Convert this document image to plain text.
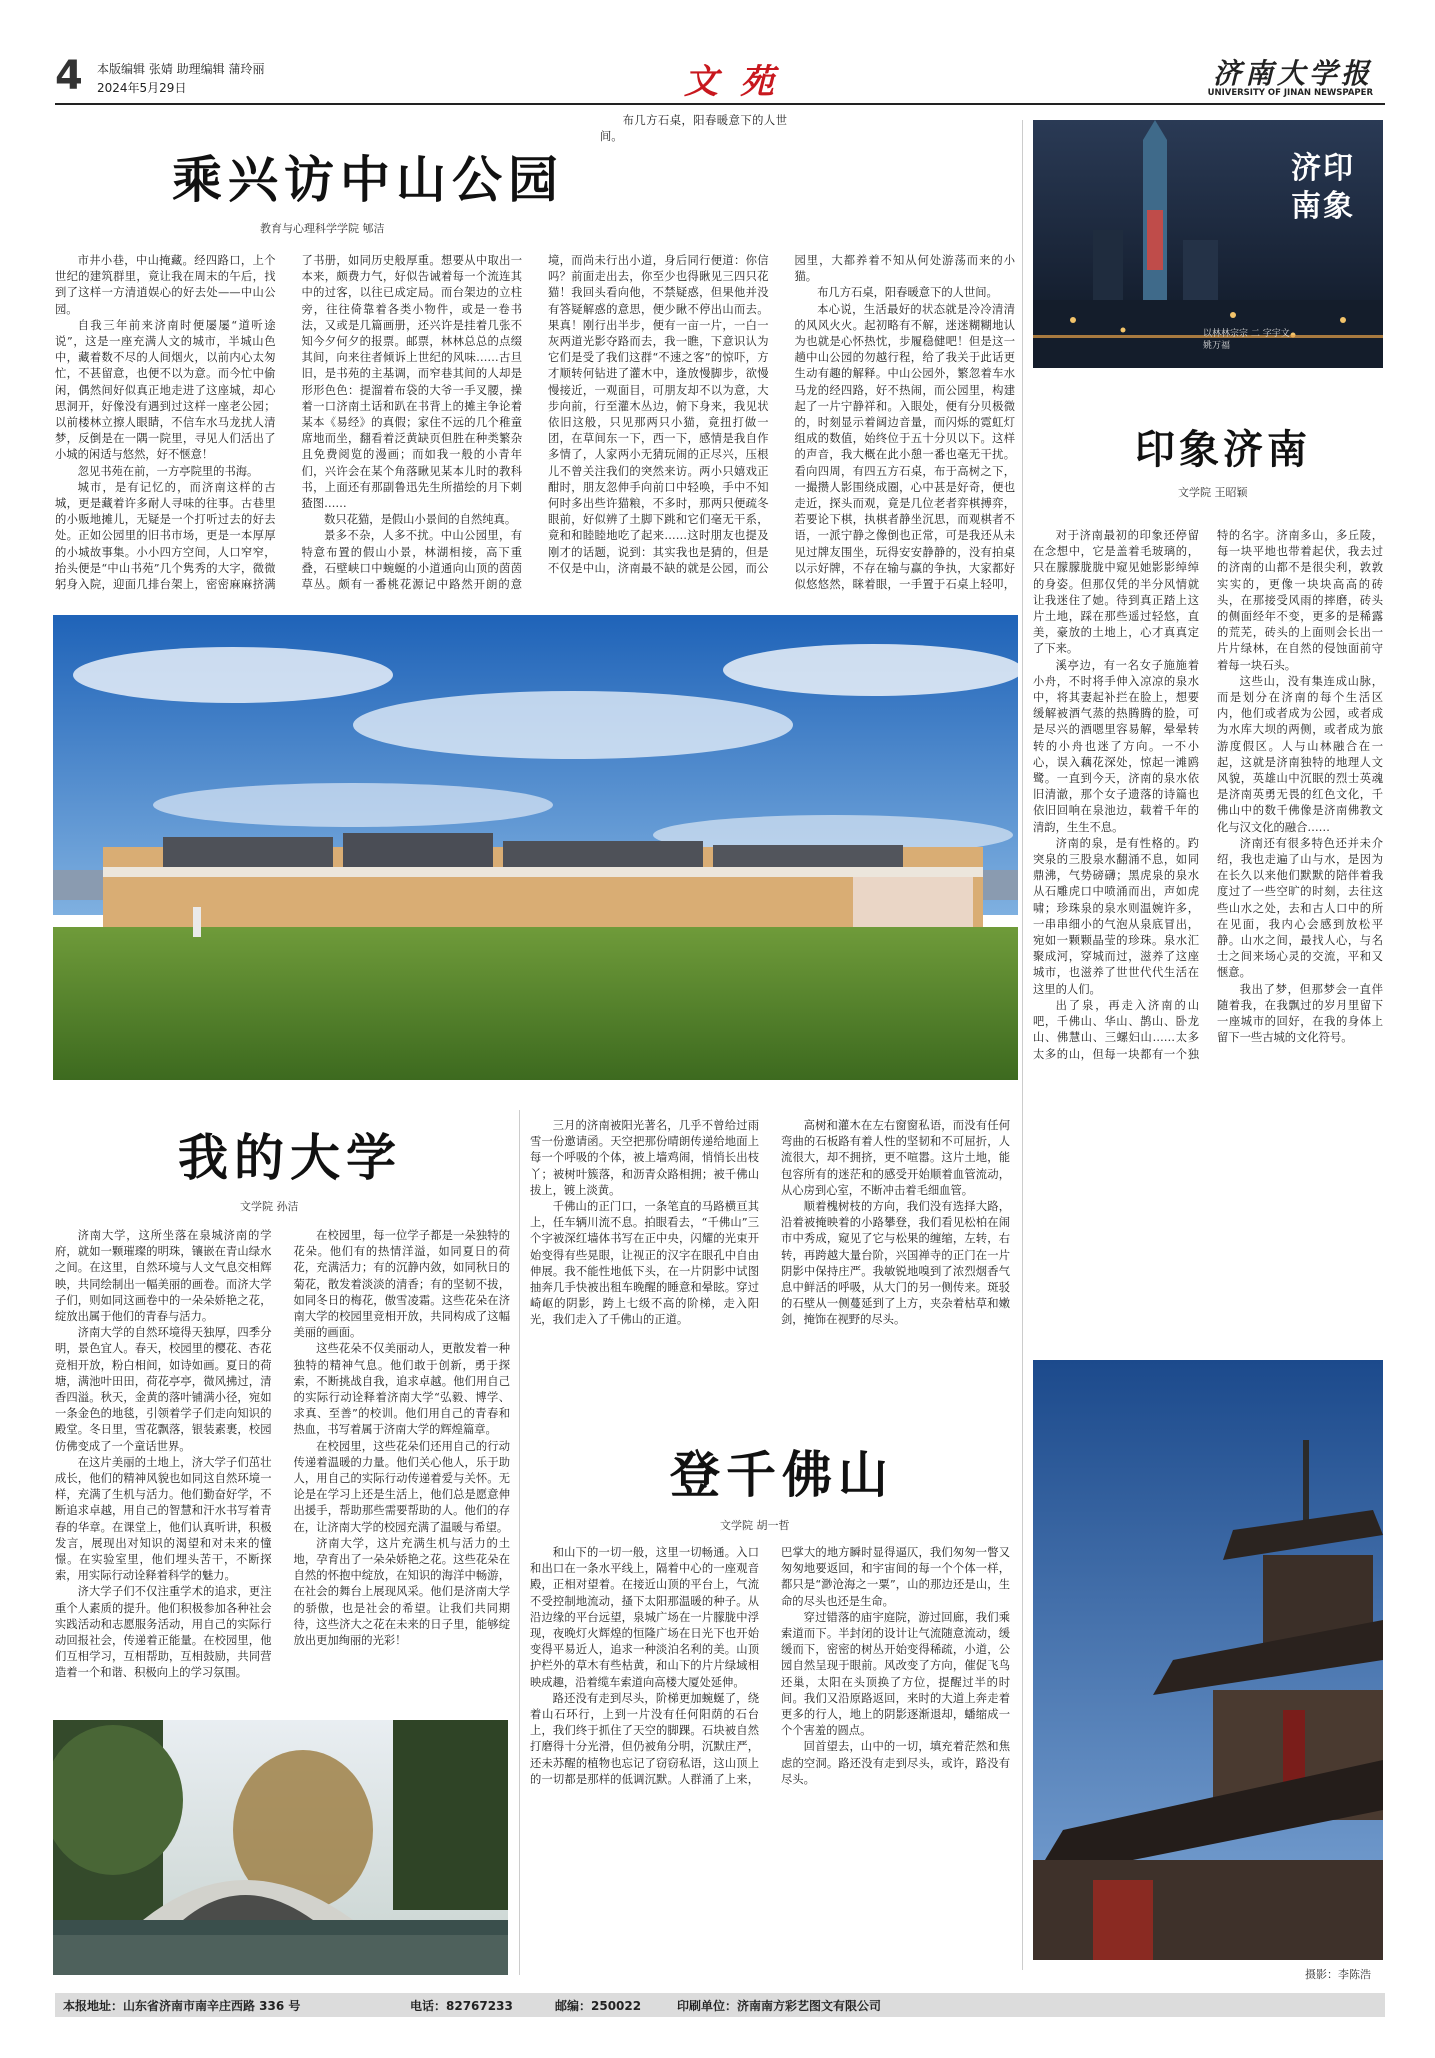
4 本版编辑 张婧 助理编辑 蒲玲丽
2024年5月29日	文苑	济南大学报
UNIVERSITY OF JINAN NEWSPAPER
乘兴访中山公园
教育与心理科学学院 郇洁

市井小巷，中山掩藏。经四路口，上个世纪的建筑群里，竟让我在周末的午后，找到了这样一方清逍娱心的好去处——中山公园。

自我三年前来济南时便屡屡“道听途说”，这是一座充满人文的城市，半城山色中，藏着数不尽的人间烟火，以前内心太匆忙，不甚留意，也便不以为意。而今忙中偷闲，偶然间好似真正地走进了这座城，却心思洞开，好像没有遇到过这样一座老公园；以前楼林立擦人眼睛，不信车水马龙扰人清梦，反倒是在一隅一院里，寻见人们活出了小城的闲适与悠然，好不惬意！

忽见书苑在前，一方亭院里的书海。

城市，是有记忆的，而济南这样的古城，更是藏着许多耐人寻味的往事。古巷里的小贩地摊儿，无疑是一个打听过去的好去处。正如公园里的旧书市场，更是一本厚厚的小城故事集。小小四方空间，人口窄窄，抬头便是“中山书苑”几个隽秀的大字，微微躬身入院，迎面几排台架上，密密麻麻挤满了书册，如同历史般厚重。想要从中取出一本来，颇费力气，好似告诫着每一个流连其中的过客，以往已成定局。而台架边的立柱旁，往往倚靠着各类小物件，或是一卷书法，又或是几篇画册，还兴许是挂着几张不知今夕何夕的报票。邮票，林林总总的点缀其间，向来往者倾诉上世纪的风味……古旦旧，是书苑的主基调，而窄巷其间的人却是形形色色：提溜着布袋的大爷一手叉腰，操着一口济南土话和趴在书背上的摊主争论着某本《易经》的真假；家住不远的几个稚童席地而坐，翻看着泛黄缺页但胜在种类繁杂且免费阅览的漫画；而如我一般的小青年们，兴许会在某个角落瞅见某本儿时的教科书，上面还有那副鲁迅先生所描绘的月下刺猹图……

数只花猫，是假山小景间的自然纯真。

景多不杂，人多不扰。中山公园里，有特意布置的假山小景，林湖相接，高下重叠，石壁峡口中蜿蜒的小道通向山顶的茵茵草丛。颇有一番桃花源记中路然开朗的意境，而尚未行出小道，身后同行便道：你信吗？前面走出去，你至少也得瞅见三四只花猫！我回头看向他，不禁疑惑，但果他并没有答疑解惑的意思，便少瞅不停出山而去。果真！刚行出半步，便有一亩一片，一白一灰两道光影夺路而去，我一瞧，下意识认为它们是受了我们这群“不速之客”的惊吓，方才顺转何钻进了灌木中，逢放慢脚步，欲慢慢接近，一观面目，可朋友却不以为意，大步向前，行至灌木丛边，俯下身来，我见状依旧这般，只见那两只小猫，竟扭打做一团，在草间东一下，西一下，感情是我自作多情了，人家两小无猜玩闹的正尽兴，压根儿不曾关注我们的突然来访。两小只嬉戏正酣时，朋友忽伸手向前口中轻唤，手中不知何时多出些许猫粮，不多时，那两只便疏冬眼前，好似辨了土脚下跳和它们毫无干系，竟和和睦睦地吃了起来……这时朋友也提及刚才的话题，说到：其实我也是猜的，但是不仅是中山，济南最不缺的就是公园，而公园里，大都养着不知从何处游荡而来的小猫。

布几方石桌，阳春暖意下的人世间。

本心说，生活最好的状态就是冷冷清清的风风火火。起初略有不解，迷迷糊糊地认为也就是心怀热忱，步履稳健吧！但是这一趟中山公园的勿越行程，给了我关于此话更生动有趣的解释。中山公园外，繁忽着车水马龙的经四路，好不热闹，而公园里，构建起了一片宁静祥和。入眼处，便有分贝极微的，时刻显示着阔边音量，而闪烁的霓虹灯组成的数值，始终位于五十分贝以下。这样的声音，我大概在此小憩一番也毫无干扰。看向四周，有四五方石桌，布于高树之下，一撮攒人影围绕成圈，心中甚是好奇，便也走近，探头而观，竟是几位老者弈棋搏弈，若要论下棋，执棋者静坐沉思，而观棋者不语，一派宁静之像倒也正常，可是我还从未见过牌友围坐，玩得安安静静的，没有拍桌以示好牌，不存在输与赢的争执，大家都好似悠悠然，眯着眼，一手置于石桌上轻叩，

布几方石桌，阳春暖意下的人世间。

我的大学
文学院 孙洁

济南大学，这所坐落在泉城济南的学府，就如一颗璀璨的明珠，镶嵌在青山绿水之间。在这里，自然环境与人文气息交相辉映，共同绘制出一幅美丽的画卷。而济大学子们，则如同这画卷中的一朵朵娇艳之花，绽放出属于他们的青春与活力。

济南大学的自然环境得天独厚，四季分明，景色宜人。春天，校园里的樱花、杏花竞相开放，粉白相间，如诗如画。夏日的荷塘，满池叶田田，荷花亭亭，微风拂过，清香四溢。秋天，金黄的落叶铺满小径，宛如一条金色的地毯，引领着学子们走向知识的殿堂。冬日里，雪花飘落，银装素裹，校园仿佛变成了一个童话世界。

在这片美丽的土地上，济大学子们茁壮成长，他们的精神风貌也如同这自然环境一样，充满了生机与活力。他们勤奋好学，不断追求卓越，用自己的智慧和汗水书写着青春的华章。在课堂上，他们认真听讲，积极发言，展现出对知识的渴望和对未来的憧憬。在实验室里，他们埋头苦干，不断探索，用实际行动诠释着科学的魅力。

济大学子们不仅注重学术的追求，更注重个人素质的提升。他们积极参加各种社会实践活动和志愿服务活动，用自己的实际行动回报社会，传递着正能量。在校园里，他们互相学习，互相帮助，互相鼓励，共同营造着一个和谐、积极向上的学习氛围。

在校园里，每一位学子都是一朵独特的花朵。他们有的热情洋溢，如同夏日的荷花，充满活力；有的沉静内敛，如同秋日的菊花，散发着淡淡的清香；有的坚韧不拔，如同冬日的梅花，傲雪凌霜。这些花朵在济南大学的校园里竞相开放，共同构成了这幅美丽的画面。

这些花朵不仅美丽动人，更散发着一种独特的精神气息。他们敢于创新，勇于探索，不断挑战自我，追求卓越。他们用自己的实际行动诠释着济南大学“弘毅、博学、求真、至善”的校训。他们用自己的青春和热血，书写着属于济南大学的辉煌篇章。

在校园里，这些花朵们还用自己的行动传递着温暖的力量。他们关心他人，乐于助人，用自己的实际行动传递着爱与关怀。无论是在学习上还是生活上，他们总是愿意伸出援手，帮助那些需要帮助的人。他们的存在，让济南大学的校园充满了温暖与希望。

济南大学，这片充满生机与活力的土地，孕育出了一朵朵娇艳之花。这些花朵在自然的怀抱中绽放，在知识的海洋中畅游，在社会的舞台上展现风采。他们是济南大学的骄傲，也是社会的希望。让我们共同期待，这些济大之花在未来的日子里，能够绽放出更加绚丽的光彩！

三月的济南被阳光著名，几乎不曾给过雨雪一份邀请函。天空把那份晴朗传递给地面上每一个呼吸的个体，被上墙鸡闹，悄悄长出枝丫；被树叶簇落，和沥青众路相拥；被千佛山拔上，镀上淡黄。

千佛山的正门口，一条笔直的马路横亘其上，任车辆川流不息。拍眼看去，“千佛山”三个字被深红墙体书写在正中央，闪耀的光束开始变得有些晃眼，让视正的汉字在眼孔中自由伸展。我不能性地低下头，在一片阴影中试图抽奔几手快被出租车晚醒的睡意和晕眩。穿过崎岖的阴影，跨上七级不高的阶梯，走入阳光，我们走入了千佛山的正道。

高树和灌木在左右窗窗私语，而没有任何弯曲的石板路有着人性的坚韧和不可屈折，人流很大，却不拥挤，更不喧嚣。这片土地，能包容所有的迷茫和的感受开始顺着血管流动，从心房到心室，不断冲击着毛细血管。

顺着槐树枝的方向，我们没有选择大路，沿着被掩映着的小路攀登，我们看见松柏在闹市中秀成，窥见了它与松果的缠缩，左转，右转，再跨越大量台阶，兴国禅寺的正门在一片阴影中保持庄严。我敏锐地嗅到了浓烈烟香气息中鲜活的呼吸，从大门的另一侧传来。斑驳的石壁从一侧蔓延到了上方，夹杂着枯草和嫩剑，掩饰在视野的尽头。

登千佛山
文学院 胡一哲

和山下的一切一般，这里一切畅通。入口和出口在一条水平线上，隔着中心的一座观音殿，正相对望着。在接近山顶的平台上，气流不受控制地流动，搔下太阳那温暖的种子。从沿边缘的平台远望，泉城广场在一片朦胧中浮现，夜晚灯火辉煌的恒隆广场在日光下也开始变得平易近人，追求一种淡泊名利的美。山顶护栏外的草木有些枯黄，和山下的片片绿域相映成趣，沿着缆车索道向高楼大厦处延伸。

路还没有走到尽头，阶梯更加蜿蜒了，绕着山石环行，上到一片没有任何阳荫的石台上，我们终于抓住了天空的脚踝。石块被自然打磨得十分光滑，但仍被角分明，沉默庄严，还未苏醒的植物也忘记了窃窃私语，这山顶上的一切都是那样的低调沉默。人群涌了上来，巴掌大的地方瞬时显得逼仄，我们匆匆一瞥又匆匆地要返回，和宇宙间的每一个个体一样，都只是“渺沧海之一粟”，山的那边还是山，生命的尽头也还是生命。

穿过错落的庙宇庭院，游过回廊，我们乘索道而下。半封闭的设计让气流随意流动，缓缓而下，密密的树丛开始变得稀疏，小道，公园自然呈现于眼前。风改变了方向，催促飞鸟还巢，太阳在头顶换了方位，提醒过半的时间。我们又沿原路返回，来时的大道上奔走着更多的行人，地上的阴影逐渐退却，蟠缩成一个个害羞的圆点。

回首望去，山中的一切，填充着茫然和焦虑的空洞。路还没有走到尽头，或许，路没有尽头。

济印
南象
以林林宗宗 二 字宇文
姚万福
印象济南
文学院 王昭颖

对于济南最初的印象还停留在念想中，它是盖着毛玻璃的，只在朦朦胧胧中窥见她影影绰绰的身姿。但那仅凭的半分风情就让我迷住了她。待到真正踏上这片土地，踩在那些遥过轻悠，直美，豪放的土地上，心才真真定了下来。

溪亭边，有一名女子施施着小舟，不时将手伸入凉凉的泉水中，将其妻起补拦在脸上，想要缓解被酒气蒸的热腾腾的脸，可是尽兴的酒嗯里容易解，晕晕转转的小舟也迷了方向。一不小心，误入藕花深处，惊起一滩鸥鹭。一直到今天，济南的泉水依旧清澈，那个女子遗落的诗篇也依旧回响在泉池边，载着千年的清韵，生生不息。

济南的泉，是有性格的。趵突泉的三股泉水翻涌不息，如同鼎沸，气势磅礴；黑虎泉的泉水从石雕虎口中喷涌而出，声如虎啸；珍珠泉的泉水则温婉许多，一串串细小的气泡从泉底冒出，宛如一颗颗晶莹的珍珠。泉水汇聚成河，穿城而过，滋养了这座城市，也滋养了世世代代生活在这里的人们。

出了泉，再走入济南的山吧，千佛山、华山、鹊山、卧龙山、佛慧山、三螺妇山……太多太多的山，但每一块都有一个独特的名字。济南多山，多丘陵，每一块平地也带着起伏，我去过的济南的山都不是很尖利，敦敦实实的，更像一块块高高的砖头，在那接受风雨的摔磨，砖头的侧面经年不变，更多的是稀露的荒芜，砖头的上面则会长出一片片绿林，在自然的侵蚀面前守着每一块石头。

这些山，没有集连成山脉，而是划分在济南的每个生活区内，他们或者成为公园，或者成为水库大坝的两侧，或者成为旅游度假区。人与山林融合在一起，这就是济南独特的地理人文风貌，英雄山中沉眠的烈士英魂是济南英勇无畏的红色文化，千佛山中的数千佛像是济南佛教文化与汉文化的融合……

济南还有很多特色还并未介绍，我也走遍了山与水，是因为在长久以来他们默默的陪伴着我度过了一些空旷的时刻，去往这些山水之处，去和古人口中的所在见面，我内心会感到放松平静。山水之间，最找人心，与名士之间来场心灵的交流，平和又惬意。

我出了梦，但那梦会一直伴随着我，在我飘过的岁月里留下一座城市的回好，在我的身体上留下一些古城的文化符号。

摄影：李陈浩
本报地址：山东省济南市南辛庄西路 336 号	电话：82767233	邮编：250022	印刷单位：济南南方彩艺图文有限公司
